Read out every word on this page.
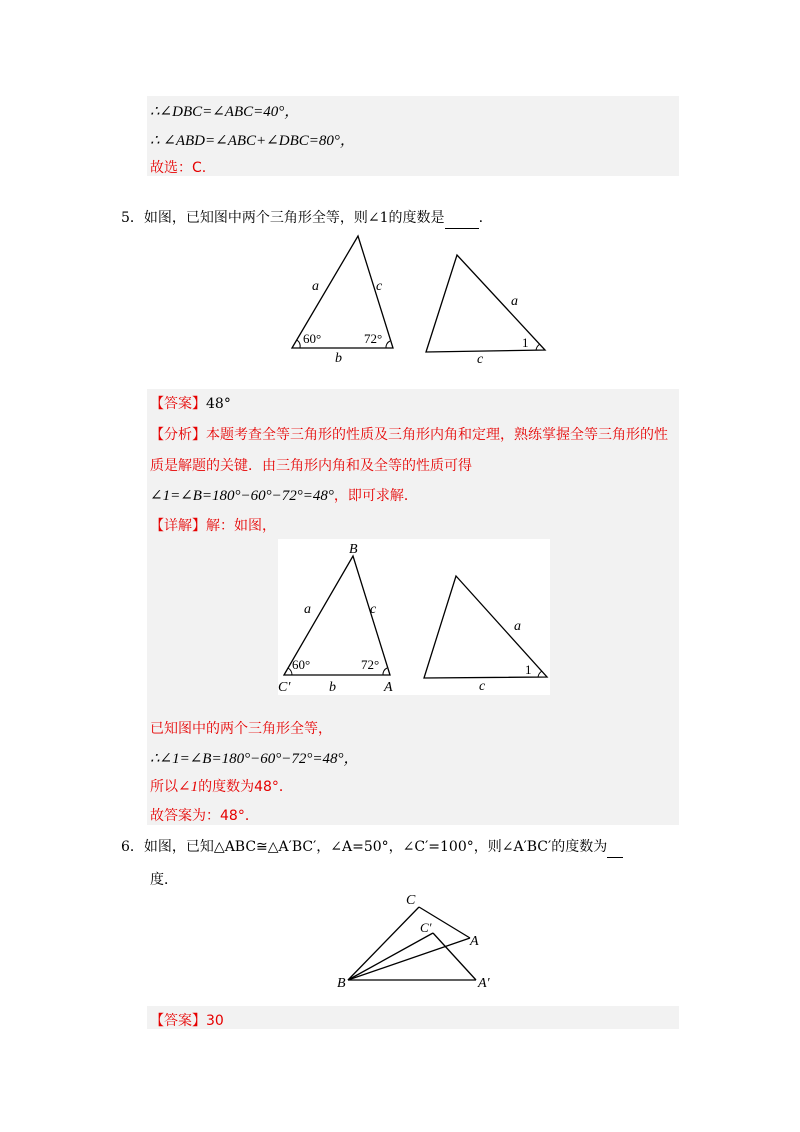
∴∠DBC=∠ABC=40°，
∴ ∠ABD=∠ABC+∠DBC=80°，
故选：C.
5．如图，已知图中两个三角形全等，则∠1的度数是 .
a	c
b
60°	72°
a
c
1
【答案】48°
【分析】本题考查全等三角形的性质及三角形内角和定理，熟练掌握全等三角形的性
质是解题的关键．由三角形内角和及全等的性质可得
∠1=∠B=180°−60°−72°=48°，即可求解．
【详解】解：如图，
B
a	c
60°	72°
C′	b	A
a
c
1
已知图中的两个三角形全等，
∴∠1=∠B=180°−60°−72°=48°，
所以∠1的度数为48°．
故答案为：48°．
6．如图，已知△ABC≅△A′BC′，∠A=50°，∠C′=100°，则∠A′BC′的度数为
度．
C
C′
A
B	A′
【答案】30
